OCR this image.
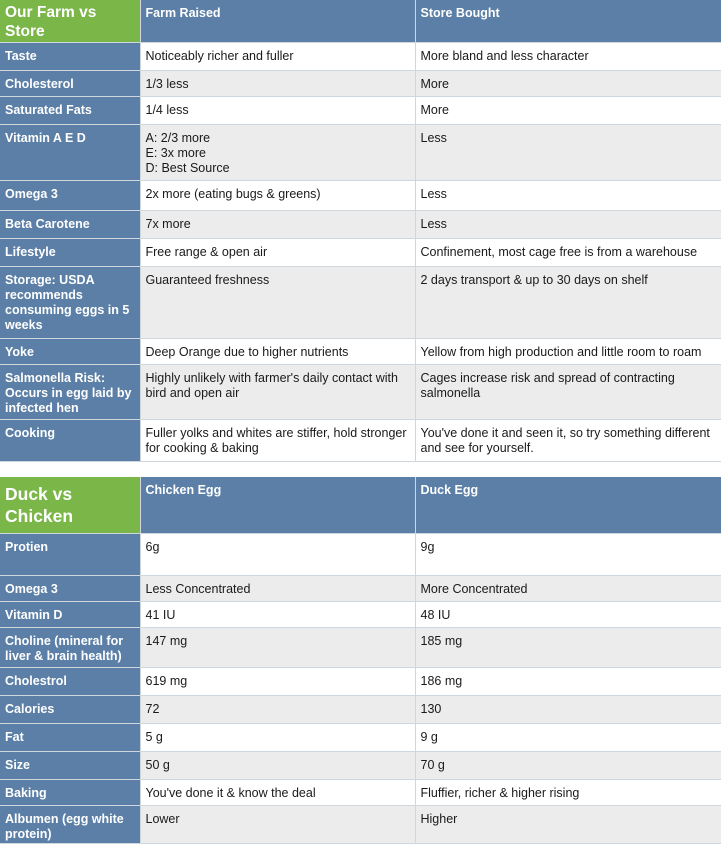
Our Farm vs Store	Farm Raised	Store Bought
Taste	Noticeably richer and fuller	More bland and less character
Cholesterol	1/3 less	More
Saturated Fats	1/4 less	More
Vitamin A E D	A: 2/3 more
E: 3x more
D: Best Source	Less
Omega 3	2x more (eating bugs & greens)	Less
Beta Carotene	7x more	Less
Lifestyle	Free range & open air	Confinement, most cage free is from a warehouse
Storage: USDA recommends consuming eggs in 5 weeks	Guaranteed freshness	2 days transport & up to 30 days on shelf
Yoke	Deep Orange due to higher nutrients	Yellow from high production and little room to roam
Salmonella Risk: Occurs in egg laid by infected hen	Highly unlikely with farmer's daily contact with bird and open air	Cages increase risk and spread of contracting salmonella
Cooking	Fuller yolks and whites are stiffer, hold stronger for cooking & baking	You've done it and seen it, so try something different and see for yourself.
Duck vs Chicken	Chicken Egg	Duck Egg
Protien	6g	9g
Omega 3	Less Concentrated	More Concentrated
Vitamin D	41 IU	48 IU
Choline (mineral for liver & brain health)	147 mg	185 mg
Cholestrol	619 mg	186 mg
Calories	72	130
Fat	5 g	9 g
Size	50 g	70 g
Baking	You've done it & know the deal	Fluffier, richer & higher rising
Albumen (egg white protein)	Lower	Higher
